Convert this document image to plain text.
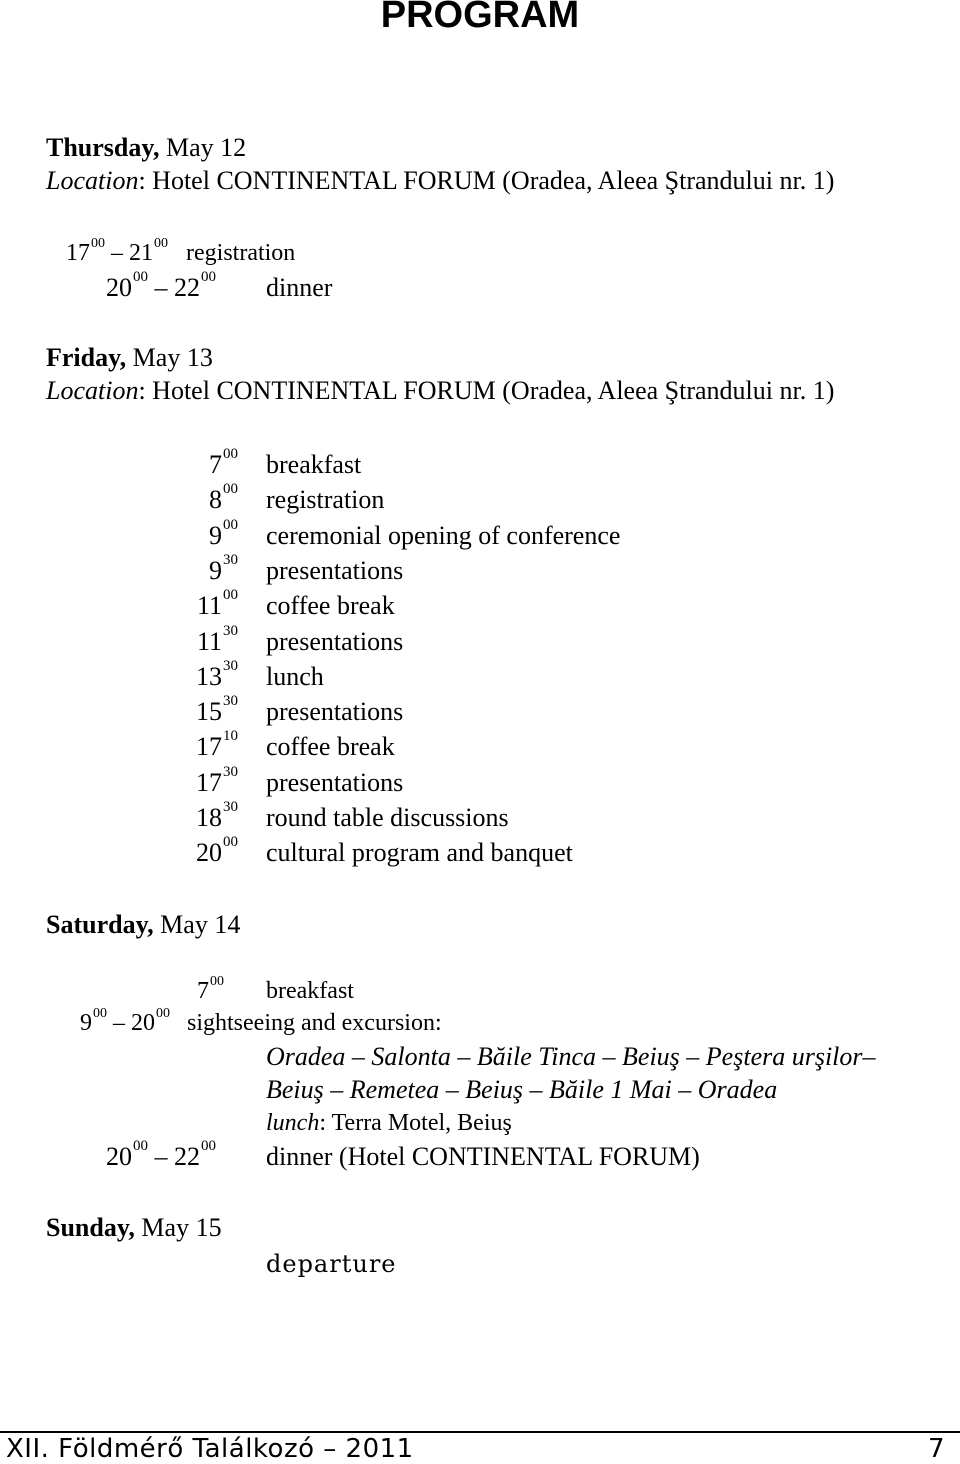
PROGRAM
Thursday, May 12
Location: Hotel CONTINENTAL FORUM (Oradea, Aleea Ştrandului nr. 1)
$17^{00} - 21^{00}$ registration
$20^{00} - 22^{00}$ dinner
Friday, May 13
Location: Hotel CONTINENTAL FORUM (Oradea, Aleea Ştrandului nr. 1)
$7^{00}$ breakfast
$8^{00}$ registration
$9^{00}$ ceremonial opening of conference
$9^{30}$ presentations
$11^{00}$ coffee break
$11^{30}$ presentations
$13^{30}$ lunch
$15^{30}$ presentations
$17^{10}$ coffee break
$17^{30}$ presentations
$18^{30}$ round table discussions
$20^{00}$ cultural program and banquet
Saturday, May 14
$7^{00}$ breakfast
$9^{00} - 20^{00}$ sightseeing and excursion:
Oradea – Salonta – Băile Tinca – Beiuş – Peştera urşilor–
Beiuş – Remetea – Beiuş – Băile 1 Mai – Oradea
lunch: Terra Motel, Beiuş
$20^{00} - 22^{00}$ dinner (Hotel CONTINENTAL FORUM)
Sunday, May 15
departure
XII. Földmérő Találkozó – 2011	7
